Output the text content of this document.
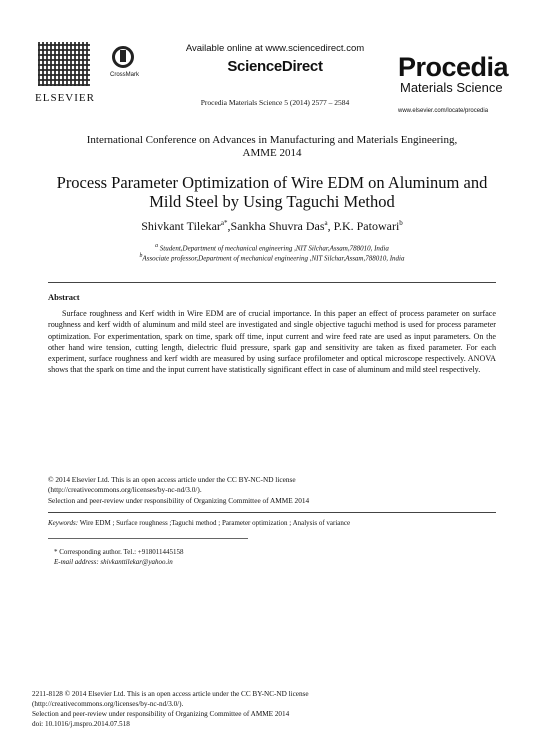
ELSEVIER
CrossMark
Available online at www.sciencedirect.com
ScienceDirect
Procedia Materials Science 5 (2014) 2577 – 2584
Procedia
Materials Science
www.elsevier.com/locate/procedia
International Conference on Advances in Manufacturing and Materials Engineering,
AMME 2014
Process Parameter Optimization of Wire EDM on Aluminum and
Mild Steel by Using Taguchi Method
Shivkant Tilekar$^{a*}$,Sankha Shuvra Das$^a$, P.K. Patowari$^b$
$^a$ Student,Department of mechanical engineering ,NIT Silchar,Assam,788010, India
$^b$Associate professor,Department of mechanical engineering ,NIT Silchar,Assam,788010, India
Abstract
Surface roughness and Kerf width in Wire EDM are of crucial importance. In this paper an effect of process parameter on surface roughness and kerf width of aluminum and mild steel are investigated and single objective taguchi method is used for process parameter optimization. For experimentation, spark on time, spark off time, input current and wire feed rate are used as input parameters. On the other hand wire tension, cutting length, dielectric fluid pressure, spark gap and sensitivity are taken as fixed parameter. For each experiment, surface roughness and kerf width are measured by using surface profilometer and optical microscope respectively. ANOVA shows that the spark on time and the input current have statistically significant effect in case of aluminum and mild steel respectively.
© 2014 Elsevier Ltd. This is an open access article under the CC BY-NC-ND license
(http://creativecommons.org/licenses/by-nc-nd/3.0/).
Selection and peer-review under responsibility of Organizing Committee of AMME 2014
Keywords: Wire EDM ; Surface roughness ;Taguchi method ; Parameter optimization ; Analysis of variance
* Corresponding author. Tel.: +918011445158
E-mail address: shivkanttilekar@yahoo.in
2211-8128 © 2014 Elsevier Ltd. This is an open access article under the CC BY-NC-ND license
(http://creativecommons.org/licenses/by-nc-nd/3.0/).
Selection and peer-review under responsibility of Organizing Committee of AMME 2014
doi: 10.1016/j.mspro.2014.07.518
